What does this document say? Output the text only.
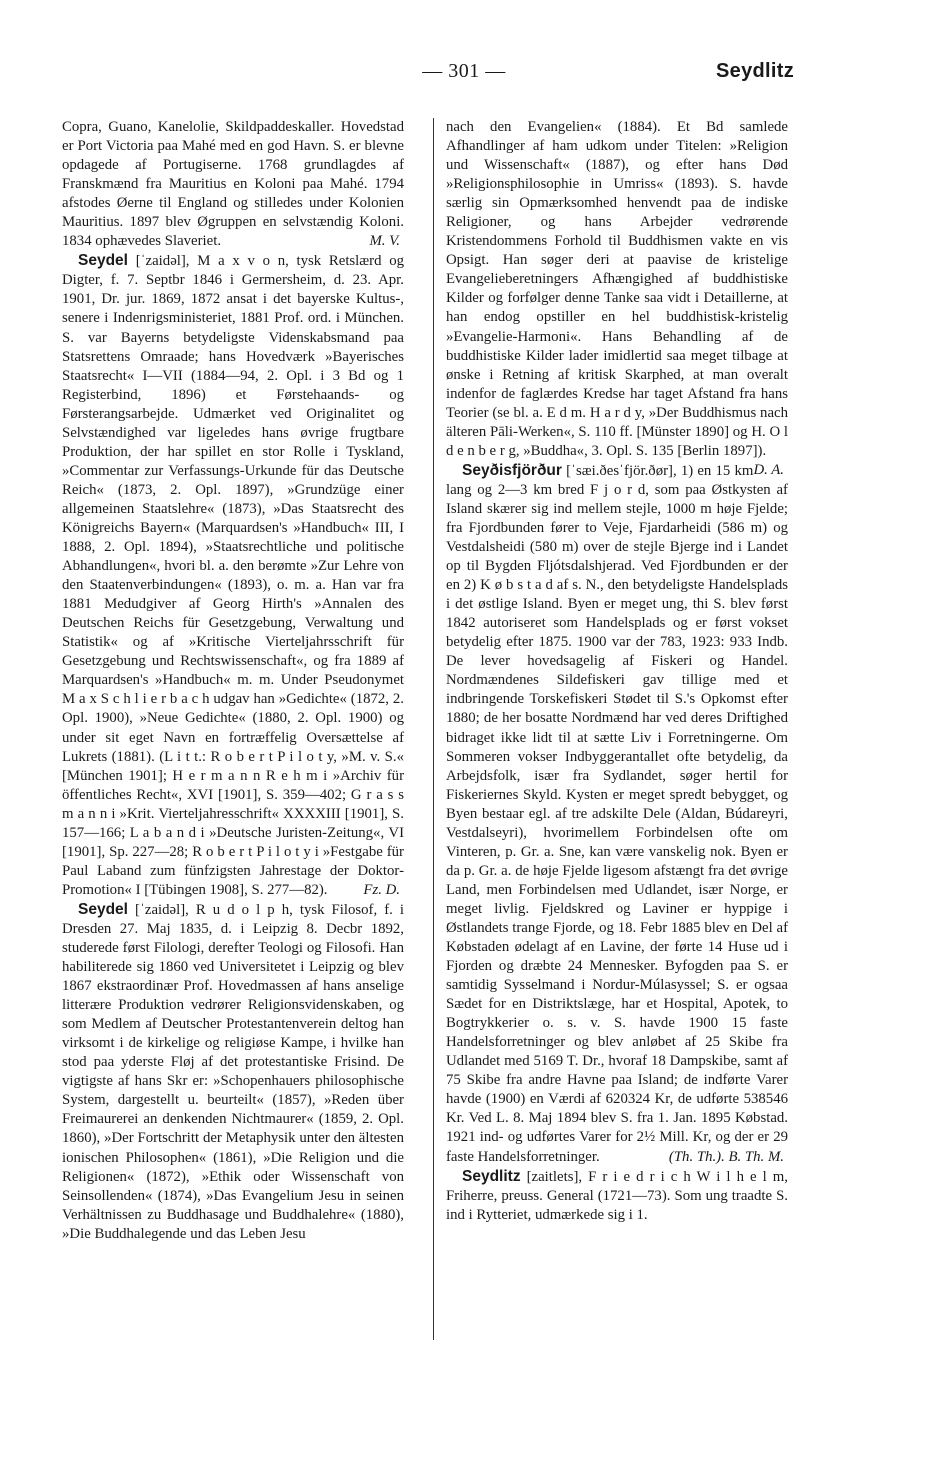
— 301 —	Seydlitz

Copra, Guano, Kanelolie, Skildpaddeskaller. Hovedstad er Port Victoria paa Mahé med en god Havn. S. er blevne opdagede af Portugiserne. 1768 grundlagdes af Franskmænd fra Mauritius en Koloni paa Mahé. 1794 afstodes Øerne til England og stilledes under Kolonien Mauritius. 1897 blev Øgruppen en selvstændig Koloni. 1834 ophævedes Slaveriet.	M. V.

Seydel [ˈzaidəl], M a x v o n, tysk Retslærd og Digter, f. 7. Septbr 1846 i Germersheim, d. 23. Apr. 1901, Dr. jur. 1869, 1872 ansat i det bayerske Kultus-, senere i Indenrigsministeriet, 1881 Prof. ord. i München. S. var Bayerns betydeligste Videnskabsmand paa Statsrettens Omraade; hans Hovedværk »Bayerisches Staatsrecht« I—VII (1884—94, 2. Opl. i 3 Bd og 1 Registerbind, 1896) et Førstehaands- og Førsterangsarbejde. Udmærket ved Originalitet og Selvstændighed var ligeledes hans øvrige frugtbare Produktion, der har spillet en stor Rolle i Tyskland, »Commentar zur Verfassungs-Urkunde für das Deutsche Reich« (1873, 2. Opl. 1897), »Grundzüge einer allgemeinen Staatslehre« (1873), »Das Staatsrecht des Königreichs Bayern« (Marquardsen's »Handbuch« III, I 1888, 2. Opl. 1894), »Staatsrechtliche und politische Abhandlungen«, hvori bl. a. den berømte »Zur Lehre von den Staatenverbindungen« (1893), o. m. a. Han var fra 1881 Medudgiver af Georg Hirth's »Annalen des Deutschen Reichs für Gesetzgebung, Verwaltung und Statistik« og af »Kritische Vierteljahrsschrift für Gesetzgebung und Rechtswissenschaft«, og fra 1889 af Marquardsen's »Handbuch« m. m. Under Pseudonymet M a x S c h l i e r b a c h udgav han »Gedichte« (1872, 2. Opl. 1900), »Neue Gedichte« (1880, 2. Opl. 1900) og under sit eget Navn en fortræffelig Oversættelse af Lukrets (1881). (L i t t.: R o b e r t P i l o t y, »M. v. S.« [München 1901]; H e r m a n n R e h m i »Archiv für öffentliches Recht«, XVI [1901], S. 359—402; G r a s s m a n n i »Krit. Vierteljahresschrift« XXXXIII [1901], S. 157—166; L a b a n d i »Deutsche Juristen-Zeitung«, VI [1901], Sp. 227—28; R o b e r t P i l o t y i »Festgabe für Paul Laband zum fünfzigsten Jahrestage der Doktor-Promotion« I [Tübingen 1908], S. 277—82).	Fz. D.

Seydel [ˈzaidəl], R u d o l p h, tysk Filosof, f. i Dresden 27. Maj 1835, d. i Leipzig 8. Decbr 1892, studerede først Filologi, derefter Teologi og Filosofi. Han habiliterede sig 1860 ved Universitetet i Leipzig og blev 1867 ekstraordinær Prof. Hovedmassen af hans anselige litterære Produktion vedrører Religionsvidenskaben, og som Medlem af Deutscher Protestantenverein deltog han virksomt i de kirkelige og religiøse Kampe, i hvilke han stod paa yderste Fløj af det protestantiske Frisind. De vigtigste af hans Skr er: »Schopenhauers philosophische System, dargestellt u. beurteilt« (1857), »Reden über Freimaurerei an denkenden Nichtmaurer« (1859, 2. Opl. 1860), »Der Fortschritt der Metaphysik unter den ältesten ionischen Philosophen« (1861), »Die Religion und die Religionen« (1872), »Ethik oder Wissenschaft von Seinsollenden« (1874), »Das Evangelium Jesu in seinen Verhältnissen zu Buddhasage und Buddhalehre« (1880), »Die Buddhalegende und das Leben Jesu

nach den Evangelien« (1884). Et Bd samlede Afhandlinger af ham udkom under Titelen: »Religion und Wissenschaft« (1887), og efter hans Død »Religionsphilosophie in Umriss« (1893). S. havde særlig sin Opmærksomhed henvendt paa de indiske Religioner, og hans Arbejder vedrørende Kristendommens Forhold til Buddhismen vakte en vis Opsigt. Han søger deri at paavise de kristelige Evangelieberetningers Afhængighed af buddhistiske Kilder og forfølger denne Tanke saa vidt i Detaillerne, at han endog opstiller en hel buddhistisk-kristelig »Evangelie-Harmoni«. Hans Behandling af de buddhistiske Kilder lader imidlertid saa meget tilbage at ønske i Retning af kritisk Skarphed, at man overalt indenfor de faglærdes Kredse har taget Afstand fra hans Teorier (se bl. a. E d m. H a r d y, »Der Buddhismus nach älteren Pāli-Werken«, S. 110 ff. [Münster 1890] og H. O l d e n b e r g, »Buddha«, 3. Opl. S. 135 [Berlin 1897]).
D. A.

Seyðisfjörður [ˈsæi.ðesˈfjör.ðør], 1) en 15 km lang og 2—3 km bred F j o r d, som paa Østkysten af Island skærer sig ind mellem stejle, 1000 m høje Fjelde; fra Fjordbunden fører to Veje, Fjardarheidi (586 m) og Vestdalsheidi (580 m) over de stejle Bjerge ind i Landet op til Bygden Fljótsdalshjerad. Ved Fjordbunden er der en 2) K ø b s t a d af s. N., den betydeligste Handelsplads i det østlige Island. Byen er meget ung, thi S. blev først 1842 autoriseret som Handelsplads og er først vokset betydelig efter 1875. 1900 var der 783, 1923: 933 Indb. De lever hovedsagelig af Fiskeri og Handel. Nordmændenes Sildefiskeri gav tillige med et indbringende Torskefiskeri Stødet til S.'s Opkomst efter 1880; de her bosatte Nordmænd har ved deres Driftighed bidraget ikke lidt til at sætte Liv i Forretningerne. Om Sommeren vokser Indbyggerantallet ofte betydelig, da Arbejdsfolk, især fra Sydlandet, søger hertil for Fiskeriernes Skyld. Kysten er meget spredt bebygget, og Byen bestaar egl. af tre adskilte Dele (Aldan, Búdareyri, Vestdalseyri), hvorimellem Forbindelsen ofte om Vinteren, p. Gr. a. Sne, kan være vanskelig nok. Byen er da p. Gr. a. de høje Fjelde ligesom afstængt fra det øvrige Land, men Forbindelsen med Udlandet, især Norge, er meget livlig. Fjeldskred og Laviner er hyppige i Østlandets trange Fjorde, og 18. Febr 1885 blev en Del af Købstaden ødelagt af en Lavine, der førte 14 Huse ud i Fjorden og dræbte 24 Mennesker. Byfogden paa S. er samtidig Sysselmand i Nordur-Múlasyssel; S. er ogsaa Sædet for en Distriktslæge, har et Hospital, Apotek, to Bogtrykkerier o. s. v. S. havde 1900 15 faste Handelsforretninger og blev anløbet af 25 Skibe fra Udlandet med 5169 T. Dr., hvoraf 18 Dampskibe, samt af 75 Skibe fra andre Havne paa Island; de indførte Varer havde (1900) en Værdi af 620324 Kr, de udførte 538546 Kr. Ved L. 8. Maj 1894 blev S. fra 1. Jan. 1895 Købstad. 1921 ind- og udførtes Varer for 2½ Mill. Kr, og der er 29 faste Handelsforretninger.	(Th. Th.). B. Th. M.

Seydlitz [zaitlets], F r i e d r i c h W i l h e l m, Friherre, preuss. General (1721—73). Som ung traadte S. ind i Rytteriet, udmærkede sig i 1.
